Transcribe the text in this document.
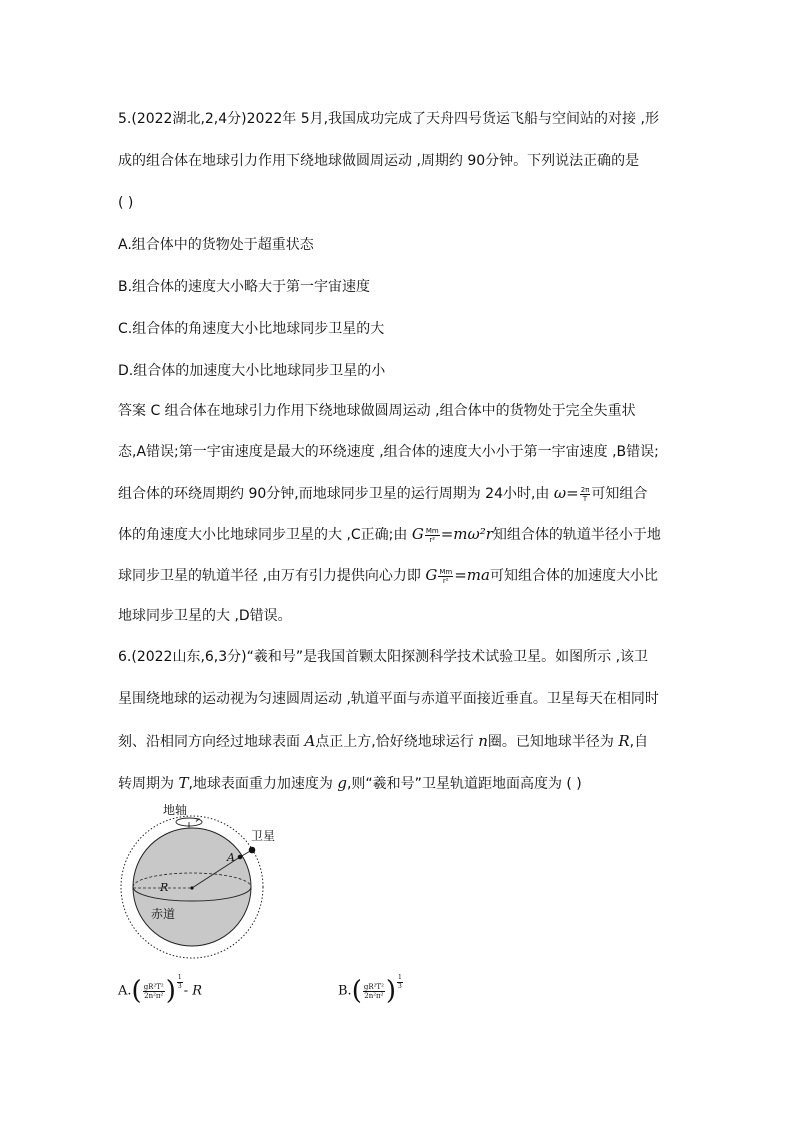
5.(2022湖北,2,4分)2022年 5月,我国成功完成了天舟四号货运飞船与空间站的对接 ,形
成的组合体在地球引力作用下绕地球做圆周运动 ,周期约 90分钟。下列说法正确的是
( )
A.组合体中的货物处于超重状态
B.组合体的速度大小略大于第一宇宙速度
C.组合体的角速度大小比地球同步卫星的大
D.组合体的加速度大小比地球同步卫星的小
答案 C 组合体在地球引力作用下绕地球做圆周运动 ,组合体中的货物处于完全失重状
态,A错误;第一宇宙速度是最大的环绕速度 ,组合体的速度大小小于第一宇宙速度 ,B错误;
组合体的环绕周期约 90分钟,而地球同步卫星的运行周期为 24小时,由 $\omega= \frac{2\pi}{T}$ 可知组合
体的角速度大小比地球同步卫星的大 ,C正确;由 G $\frac{Mm}{\text{r²}} =m\omega^2r$知组合体的轨道半径小于地
球同步卫星的轨道半径 ,由万有引力提供向心力即 G $\frac{Mm}{\text{r²}} =ma$可知组合体的加速度大小比
地球同步卫星的大 ,D错误。
6.(2022山东,6,3分)“羲和号”是我国首颗太阳探测科学技术试验卫星。如图所示 ,该卫
星围绕地球的运动视为匀速圆周运动 ,轨道平面与赤道平面接近垂直。卫星每天在相同时
刻、沿相同方向经过地球表面 A点正上方,恰好绕地球运行 n圈。已知地球半径为 R,自
转周期为 T,地球表面重力加速度为 g,则“羲和号”卫星轨道距地面高度为 ( )
地轴
卫星
A
R
赤道
$A.( \frac{\text{gR²T²}}{\text{2n²π²}}$ ) $\frac{1}{3}$ - R	$B.( \frac{\text{gR²T²}}{\text{2n²π²}}$ ) $\frac{1}{3}$
